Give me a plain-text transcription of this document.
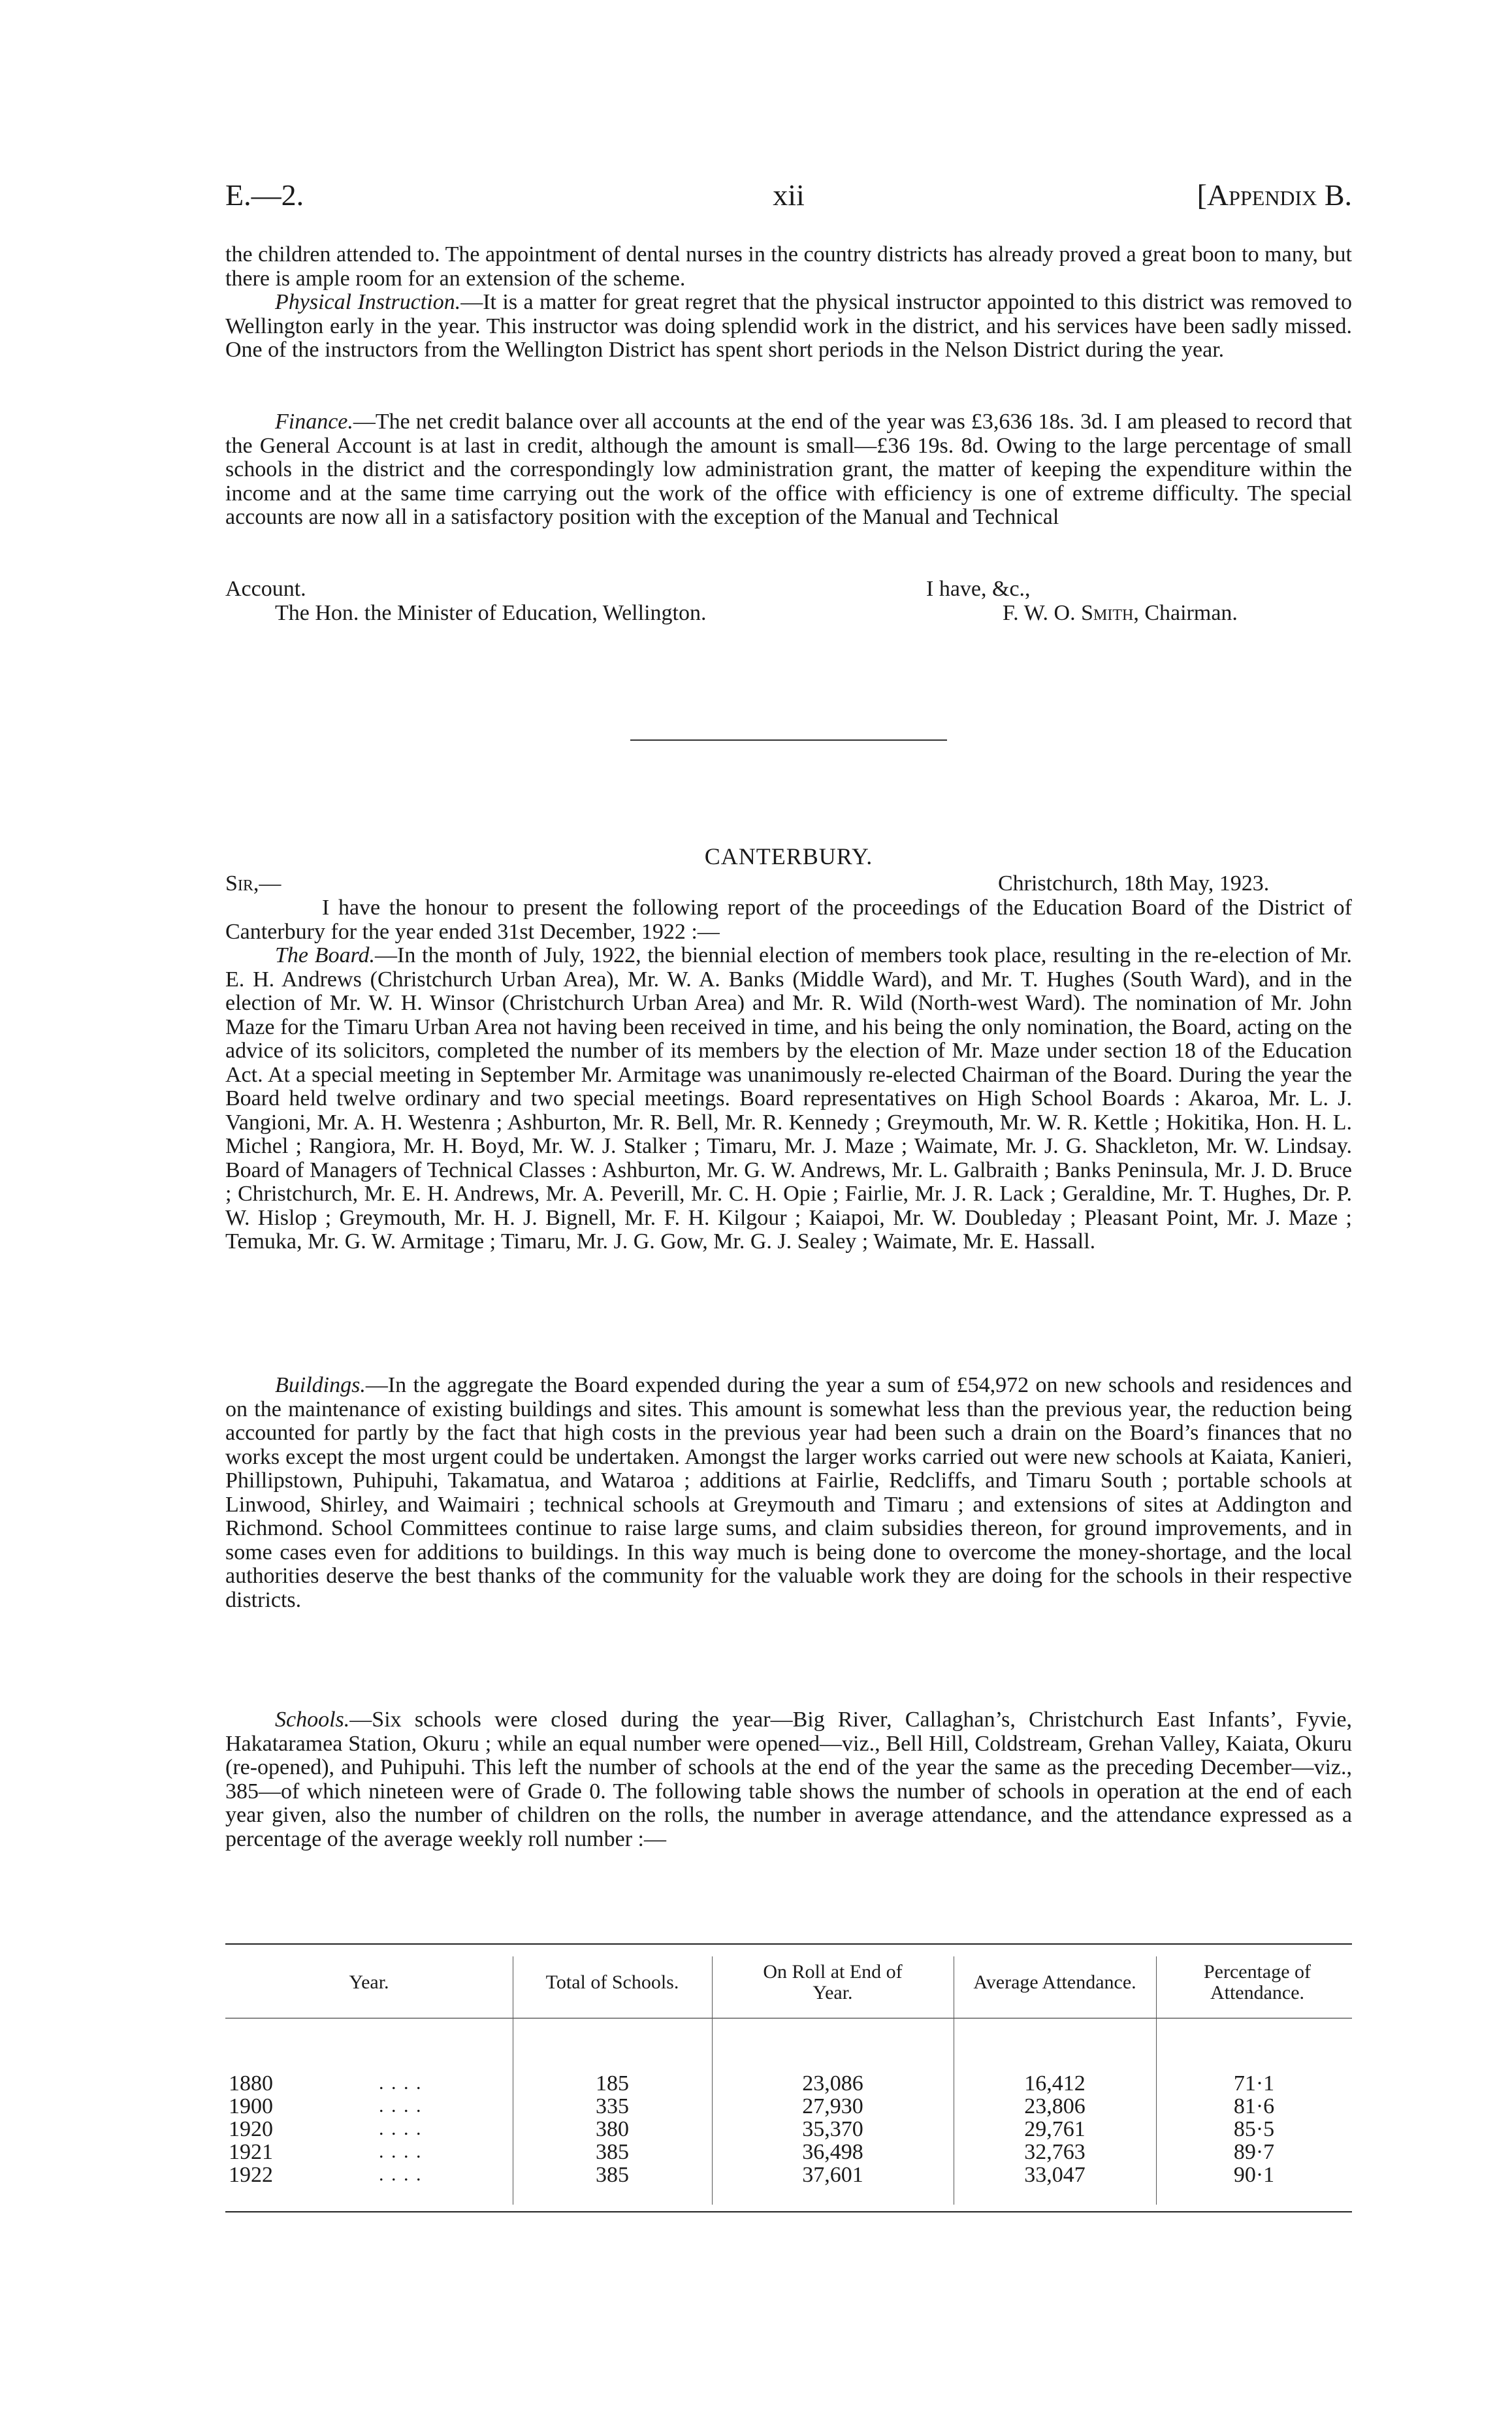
E.—2.	xii	[Appendix B.

the children attended to. The appointment of dental nurses in the country districts has already proved a great boon to many, but there is ample room for an extension of the scheme.

Physical Instruction.—It is a matter for great regret that the physical instructor appointed to this district was removed to Wellington early in the year. This instructor was doing splendid work in the district, and his services have been sadly missed. One of the instructors from the Wellington District has spent short periods in the Nelson District during the year.

Finance.—The net credit balance over all accounts at the end of the year was £3,636 18s. 3d. I am pleased to record that the General Account is at last in credit, although the amount is small—£36 19s. 8d. Owing to the large percentage of small schools in the district and the correspondingly low administration grant, the matter of keeping the expenditure within the income and at the same time carrying out the work of the office with efficiency is one of extreme difficulty. The special accounts are now all in a satisfactory position with the exception of the Manual and Technical

Account.	I have, &c.,
The Hon. the Minister of Education, Wellington.	F. W. O. Smith, Chairman.
CANTERBURY.
Sir,—	Christchurch, 18th May, 1923.

I have the honour to present the following report of the proceedings of the Education Board of the District of Canterbury for the year ended 31st December, 1922 :—

The Board.—In the month of July, 1922, the biennial election of members took place, resulting in the re-election of Mr. E. H. Andrews (Christchurch Urban Area), Mr. W. A. Banks (Middle Ward), and Mr. T. Hughes (South Ward), and in the election of Mr. W. H. Winsor (Christchurch Urban Area) and Mr. R. Wild (North-west Ward). The nomination of Mr. John Maze for the Timaru Urban Area not having been received in time, and his being the only nomination, the Board, acting on the advice of its solicitors, completed the number of its members by the election of Mr. Maze under section 18 of the Education Act. At a special meeting in September Mr. Armitage was unanimously re-elected Chairman of the Board. During the year the Board held twelve ordinary and two special meetings. Board representatives on High School Boards : Akaroa, Mr. L. J. Vangioni, Mr. A. H. Westenra ; Ashburton, Mr. R. Bell, Mr. R. Kennedy ; Greymouth, Mr. W. R. Kettle ; Hokitika, Hon. H. L. Michel ; Rangiora, Mr. H. Boyd, Mr. W. J. Stalker ; Timaru, Mr. J. Maze ; Waimate, Mr. J. G. Shackleton, Mr. W. Lindsay. Board of Managers of Technical Classes : Ashburton, Mr. G. W. Andrews, Mr. L. Galbraith ; Banks Peninsula, Mr. J. D. Bruce ; Christchurch, Mr. E. H. Andrews, Mr. A. Peverill, Mr. C. H. Opie ; Fairlie, Mr. J. R. Lack ; Geraldine, Mr. T. Hughes, Dr. P. W. Hislop ; Greymouth, Mr. H. J. Bignell, Mr. F. H. Kilgour ; Kaiapoi, Mr. W. Doubleday ; Pleasant Point, Mr. J. Maze ; Temuka, Mr. G. W. Armitage ; Timaru, Mr. J. G. Gow, Mr. G. J. Sealey ; Waimate, Mr. E. Hassall.

Buildings.—In the aggregate the Board expended during the year a sum of £54,972 on new schools and residences and on the maintenance of existing buildings and sites. This amount is somewhat less than the previous year, the reduction being accounted for partly by the fact that high costs in the previous year had been such a drain on the Board’s finances that no works except the most urgent could be undertaken. Amongst the larger works carried out were new schools at Kaiata, Kanieri, Phillipstown, Puhipuhi, Takamatua, and Wataroa ; additions at Fairlie, Redcliffs, and Timaru South ; portable schools at Linwood, Shirley, and Waimairi ; technical schools at Greymouth and Timaru ; and extensions of sites at Addington and Richmond. School Committees continue to raise large sums, and claim subsidies thereon, for ground improvements, and in some cases even for additions to buildings. In this way much is being done to overcome the money-shortage, and the local authorities deserve the best thanks of the community for the valuable work they are doing for the schools in their respective districts.

Schools.—Six schools were closed during the year—Big River, Callaghan’s, Christchurch East Infants’, Fyvie, Hakataramea Station, Okuru ; while an equal number were opened—viz., Bell Hill, Coldstream, Grehan Valley, Kaiata, Okuru (re-opened), and Puhipuhi. This left the number of schools at the end of the year the same as the preceding December—viz., 385—of which nineteen were of Grade 0. The following table shows the number of schools in operation at the end of each year given, also the number of children on the rolls, the number in average attendance, and the attendance expressed as a percentage of the average weekly roll number :—

Year.	Total of Schools.	On Roll at End of Year.	Average Attendance.	Percentage of Attendance.
1880	. . . .	185	23,086	16,412	71·1
1900	. . . .	335	27,930	23,806	81·6
1920	. . . .	380	35,370	29,761	85·5
1921	. . . .	385	36,498	32,763	89·7
1922	. . . .	385	37,601	33,047	90·1
